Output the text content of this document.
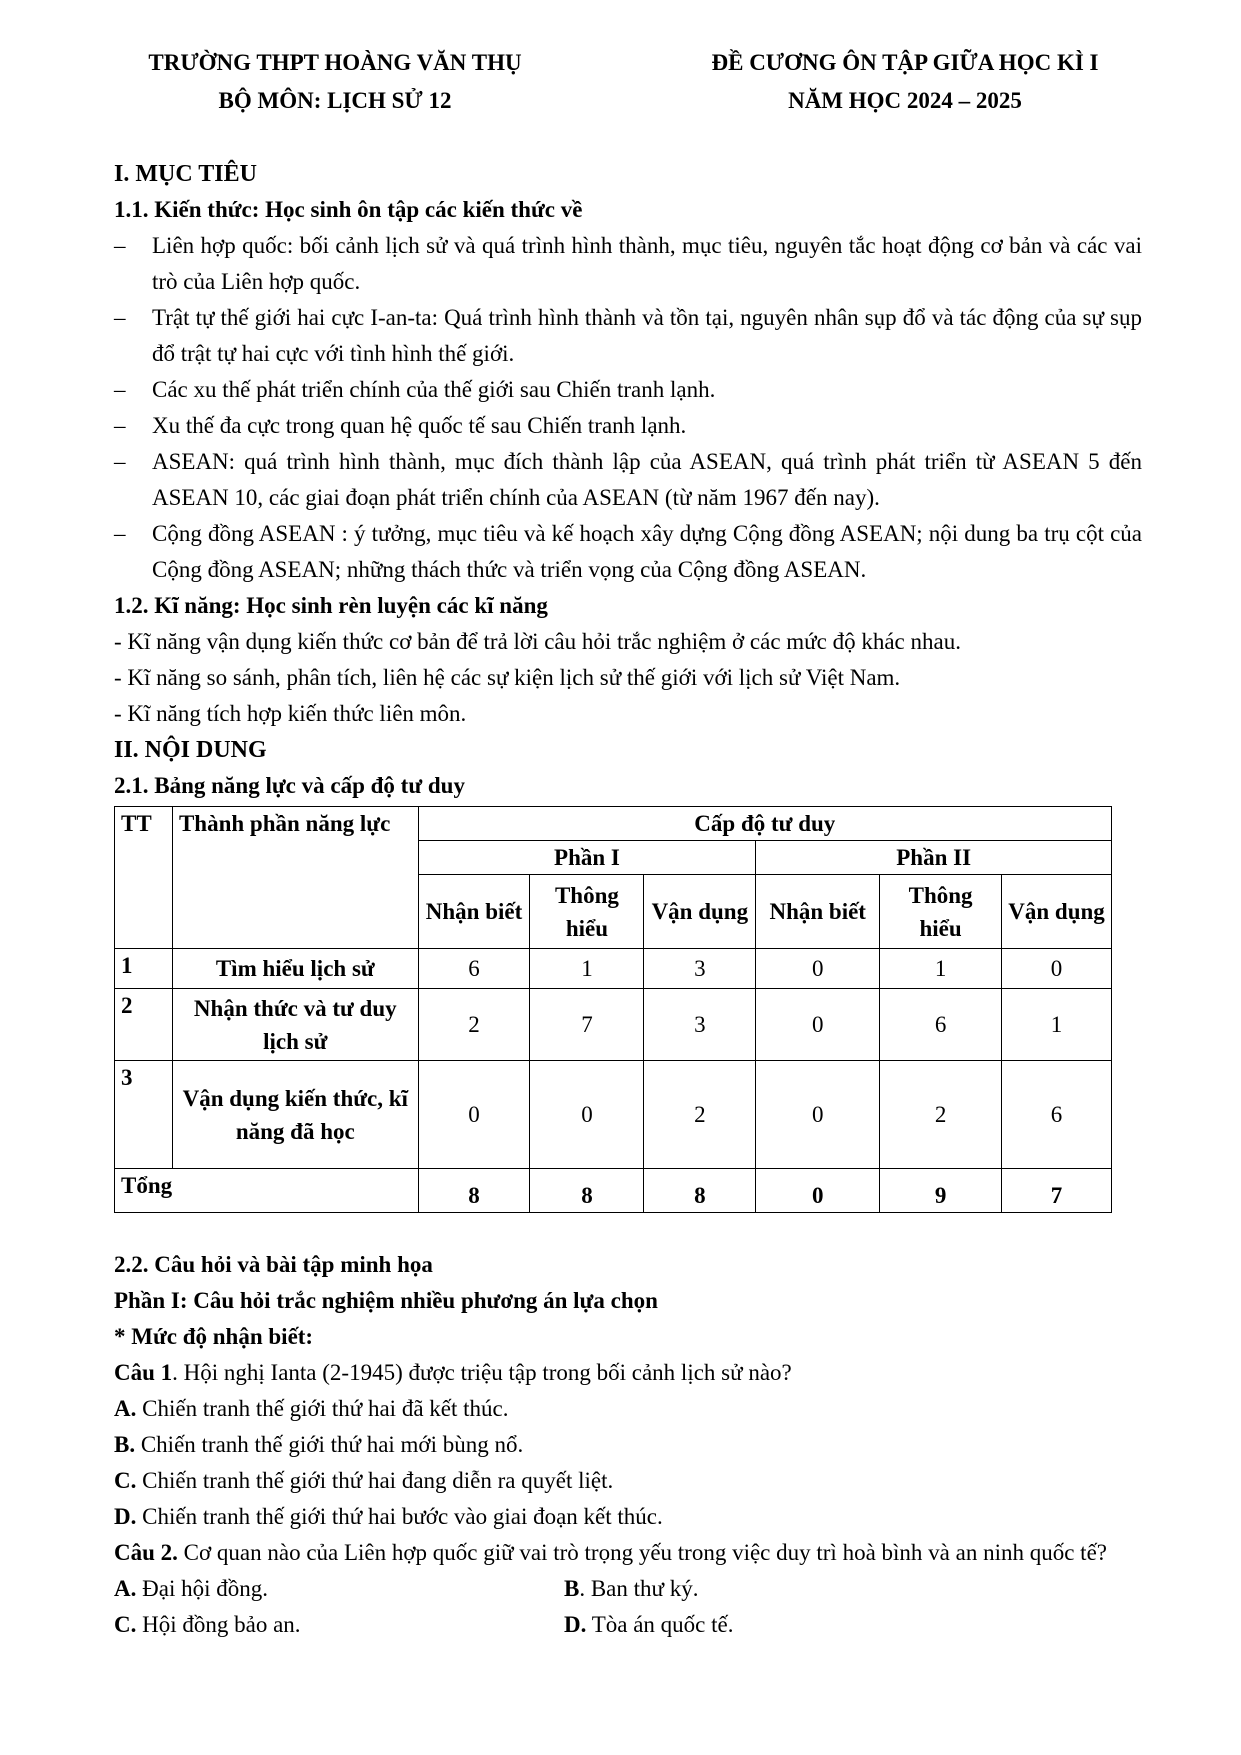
TRƯỜNG THPT HOÀNG VĂN THỤ
BỘ MÔN: LỊCH SỬ 12
ĐỀ CƯƠNG ÔN TẬP GIỮA HỌC KÌ I
NĂM HỌC 2024 – 2025
I. MỤC TIÊU
1.1. Kiến thức: Học sinh ôn tập các kiến thức về
– Liên hợp quốc: bối cảnh lịch sử và quá trình hình thành, mục tiêu, nguyên tắc hoạt động cơ bản và các vai trò của Liên hợp quốc.
– Trật tự thế giới hai cực I-an-ta: Quá trình hình thành và tồn tại, nguyên nhân sụp đổ và tác động của sự sụp đổ trật tự hai cực với tình hình thế giới.
– Các xu thế phát triển chính của thế giới sau Chiến tranh lạnh.
– Xu thế đa cực trong quan hệ quốc tế sau Chiến tranh lạnh.
– ASEAN: quá trình hình thành, mục đích thành lập của ASEAN, quá trình phát triển từ ASEAN 5 đến ASEAN 10, các giai đoạn phát triển chính của ASEAN (từ năm 1967 đến nay).
– Cộng đồng ASEAN : ý tưởng, mục tiêu và kế hoạch xây dựng Cộng đồng ASEAN; nội dung ba trụ cột của Cộng đồng ASEAN; những thách thức và triển vọng của Cộng đồng ASEAN.
1.2. Kĩ năng: Học sinh rèn luyện các kĩ năng
- Kĩ năng vận dụng kiến thức cơ bản để trả lời câu hỏi trắc nghiệm ở các mức độ khác nhau.
- Kĩ năng so sánh, phân tích, liên hệ các sự kiện lịch sử thế giới với lịch sử Việt Nam.
- Kĩ năng tích hợp kiến thức liên môn.
II. NỘI DUNG
2.1. Bảng năng lực và cấp độ tư duy
TT	Thành phần năng lực	Cấp độ tư duy					
		Phần I			Phần II		
		Nhận biết	Thông hiểu	Vận dụng	Nhận biết	Thông hiểu	Vận dụng
1	Tìm hiểu lịch sử	6	1	3	0	1	0
2	Nhận thức và tư duy lịch sử	2	7	3	0	6	1
3	Vận dụng kiến thức, kĩ năng đã học	0	0	2	0	2	6
Tổng		8	8	8	0	9	7
2.2. Câu hỏi và bài tập minh họa
Phần I: Câu hỏi trắc nghiệm nhiều phương án lựa chọn
* Mức độ nhận biết:
Câu 1. Hội nghị Ianta (2-1945) được triệu tập trong bối cảnh lịch sử nào?
A. Chiến tranh thế giới thứ hai đã kết thúc.
B. Chiến tranh thế giới thứ hai mới bùng nổ.
C. Chiến tranh thế giới thứ hai đang diễn ra quyết liệt.
D. Chiến tranh thế giới thứ hai bước vào giai đoạn kết thúc.
Câu 2. Cơ quan nào của Liên hợp quốc giữ vai trò trọng yếu trong việc duy trì hoà bình và an ninh quốc tế?
A. Đại hội đồng.	B. Ban thư ký.
C. Hội đồng bảo an.	D. Tòa án quốc tế.
